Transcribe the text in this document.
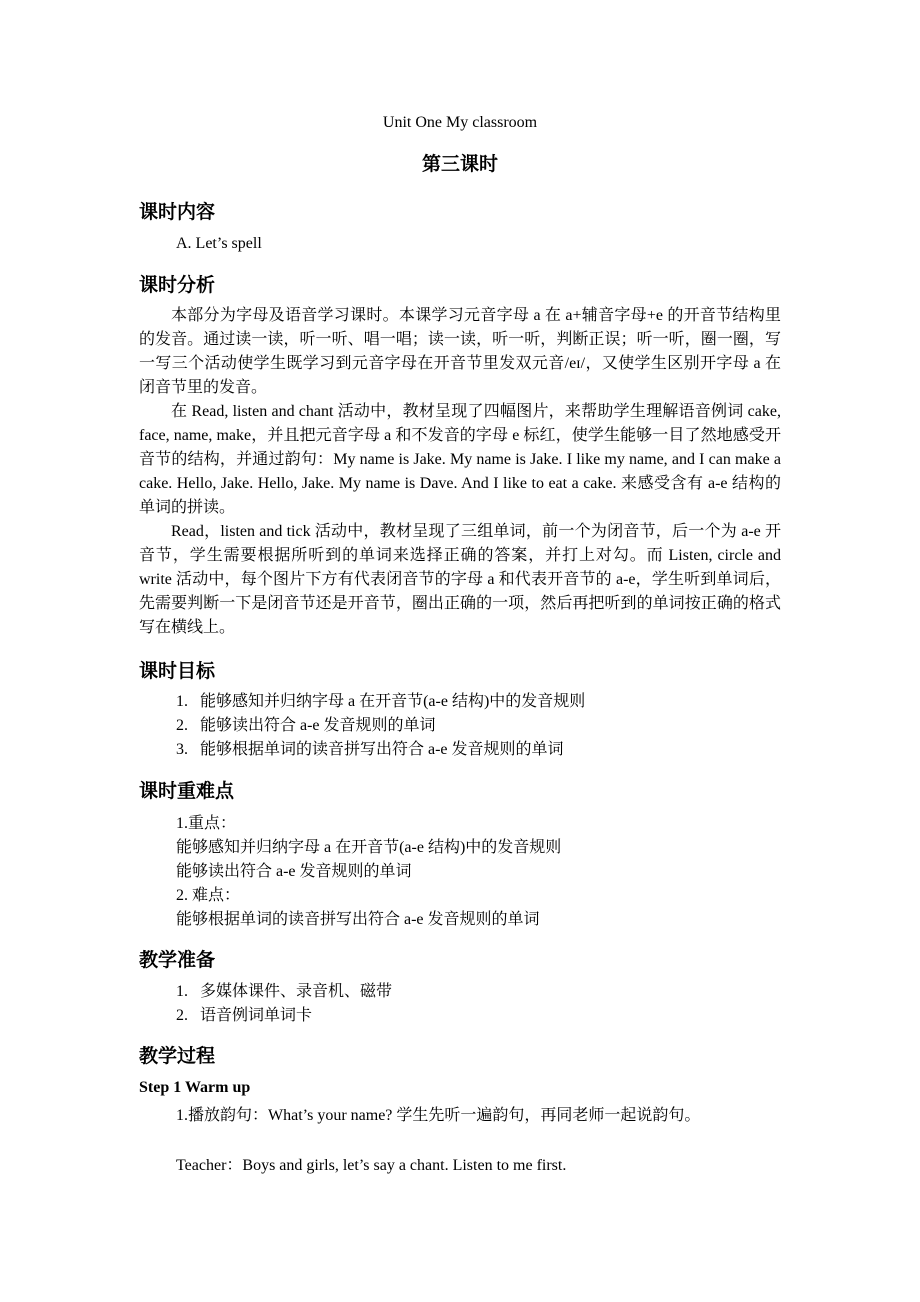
Unit One My classroom
第三课时
课时内容
A. Let’s spell
课时分析

本部分为字母及语音学习课时。本课学习元音字母 a 在 a+辅音字母+e 的开音节结构里的发音。通过读一读，听一听、唱一唱；读一读，听一听，判断正误；听一听，圈一圈，写一写三个活动使学生既学习到元音字母在开音节里发双元音/eɪ/，又使学生区别开字母 a 在闭音节里的发音。

在 Read, listen and chant 活动中，教材呈现了四幅图片，来帮助学生理解语音例词 cake, face, name, make，并且把元音字母 a 和不发音的字母 e 标红，使学生能够一目了然地感受开音节的结构，并通过韵句：My name is Jake. My name is Jake. I like my name, and I can make a cake. Hello, Jake. Hello, Jake. My name is Dave. And I like to eat a cake. 来感受含有 a-e 结构的单词的拼读。

Read，listen and tick 活动中，教材呈现了三组单词，前一个为闭音节，后一个为 a-e 开音节，学生需要根据所听到的单词来选择正确的答案，并打上对勾。而 Listen, circle and write 活动中，每个图片下方有代表闭音节的字母 a 和代表开音节的 a-e，学生听到单词后，先需要判断一下是闭音节还是开音节，圈出正确的一项，然后再把听到的单词按正确的格式写在横线上。

课时目标
1. 能够感知并归纳字母 a 在开音节(a-e 结构)中的发音规则
2. 能够读出符合 a-e 发音规则的单词
3. 能够根据单词的读音拼写出符合 a-e 发音规则的单词
课时重难点
1.重点：
能够感知并归纳字母 a 在开音节(a-e 结构)中的发音规则
能够读出符合 a-e 发音规则的单词
2. 难点：
能够根据单词的读音拼写出符合 a-e 发音规则的单词
教学准备
1. 多媒体课件、录音机、磁带
2. 语音例词单词卡
教学过程
Step 1 Warm up
1.播放韵句：What’s your name? 学生先听一遍韵句，再同老师一起说韵句。
Teacher：Boys and girls, let’s say a chant. Listen to me first.
